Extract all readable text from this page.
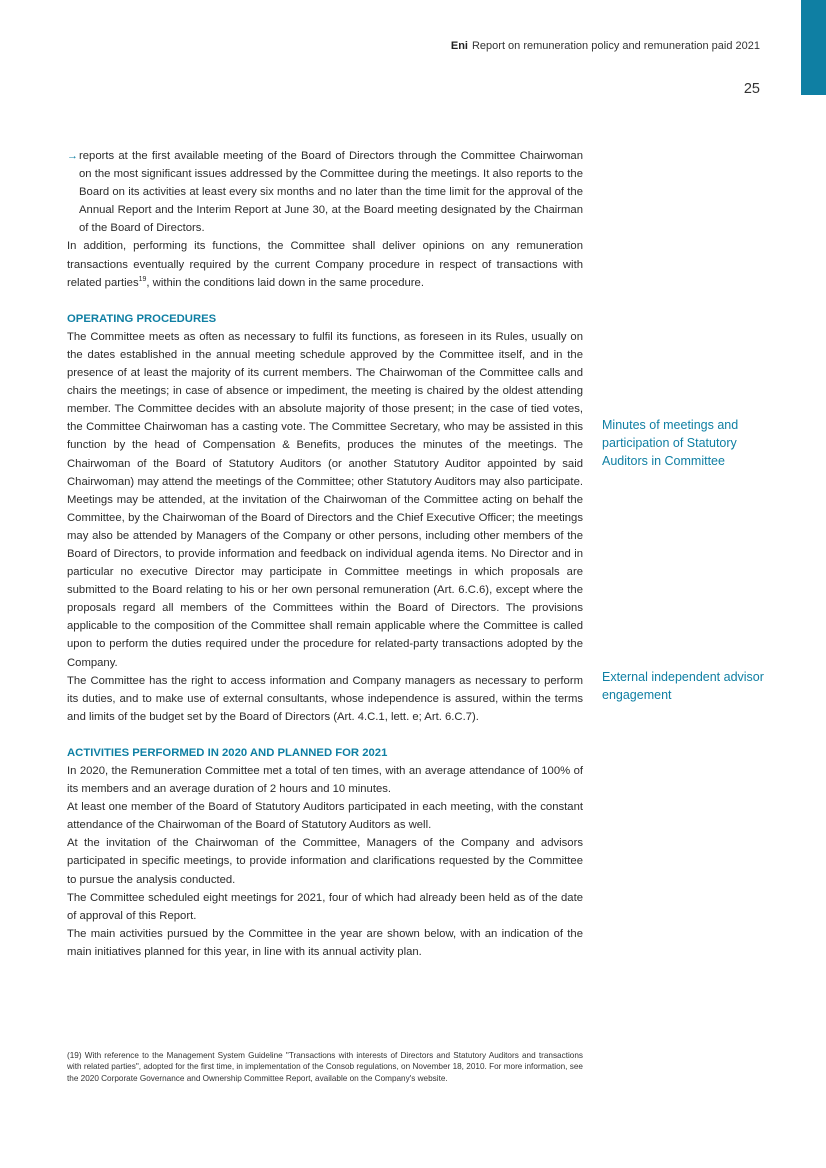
Eni Report on remuneration policy and remuneration paid 2021
25

→ reports at the first available meeting of the Board of Directors through the Committee Chairwoman on the most significant issues addressed by the Committee during the meetings. It also reports to the Board on its activities at least every six months and no later than the time limit for the approval of the Annual Report and the Interim Report at June 30, at the Board meeting designated by the Chairman of the Board of Directors.

In addition, performing its functions, the Committee shall deliver opinions on any remuneration transactions eventually required by the current Company procedure in respect of transactions with related parties$^{19}$, within the conditions laid down in the same procedure.

OPERATING PROCEDURES

The Committee meets as often as necessary to fulfil its functions, as foreseen in its Rules, usually on the dates established in the annual meeting schedule approved by the Committee itself, and in the presence of at least the majority of its current members. The Chairwoman of the Committee calls and chairs the meetings; in case of absence or impediment, the meeting is chaired by the oldest attending member. The Committee decides with an absolute majority of those present; in the case of tied votes, the Committee Chairwoman has a casting vote. The Committee Secretary, who may be assisted in this function by the head of Compensation & Benefits, produces the minutes of the meetings. The Chairwoman of the Board of Statutory Auditors (or another Statutory Auditor appointed by said Chairwoman) may attend the meetings of the Committee; other Statutory Auditors may also participate. Meetings may be attended, at the invitation of the Chairwoman of the Committee acting on behalf the Committee, by the Chairwoman of the Board of Directors and the Chief Executive Officer; the meetings may also be attended by Managers of the Company or other persons, including other members of the Board of Directors, to provide information and feedback on individual agenda items. No Director and in particular no executive Director may participate in Committee meetings in which proposals are submitted to the Board relating to his or her own personal remuneration (Art. 6.C.6), except where the proposals regard all members of the Committees within the Board of Directors. The provisions applicable to the composition of the Committee shall remain applicable where the Committee is called upon to perform the duties required under the procedure for related-party transactions adopted by the Company.

The Committee has the right to access information and Company managers as necessary to perform its duties, and to make use of external consultants, whose independence is assured, within the terms and limits of the budget set by the Board of Directors (Art. 4.C.1, lett. e; Art. 6.C.7).

ACTIVITIES PERFORMED IN 2020 AND PLANNED FOR 2021

In 2020, the Remuneration Committee met a total of ten times, with an average attendance of 100% of its members and an average duration of 2 hours and 10 minutes.

At least one member of the Board of Statutory Auditors participated in each meeting, with the constant attendance of the Chairwoman of the Board of Statutory Auditors as well.

At the invitation of the Chairwoman of the Committee, Managers of the Company and advisors participated in specific meetings, to provide information and clarifications requested by the Committee to pursue the analysis conducted.

The Committee scheduled eight meetings for 2021, four of which had already been held as of the date of approval of this Report.

The main activities pursued by the Committee in the year are shown below, with an indication of the main initiatives planned for this year, in line with its annual activity plan.

Minutes of meetings and participation of Statutory Auditors in Committee
External independent advisor engagement
(19) With reference to the Management System Guideline "Transactions with interests of Directors and Statutory Auditors and transactions with related parties", adopted for the first time, in implementation of the Consob regulations, on November 18, 2010. For more information, see the 2020 Corporate Governance and Ownership Committee Report, available on the Company's website.
